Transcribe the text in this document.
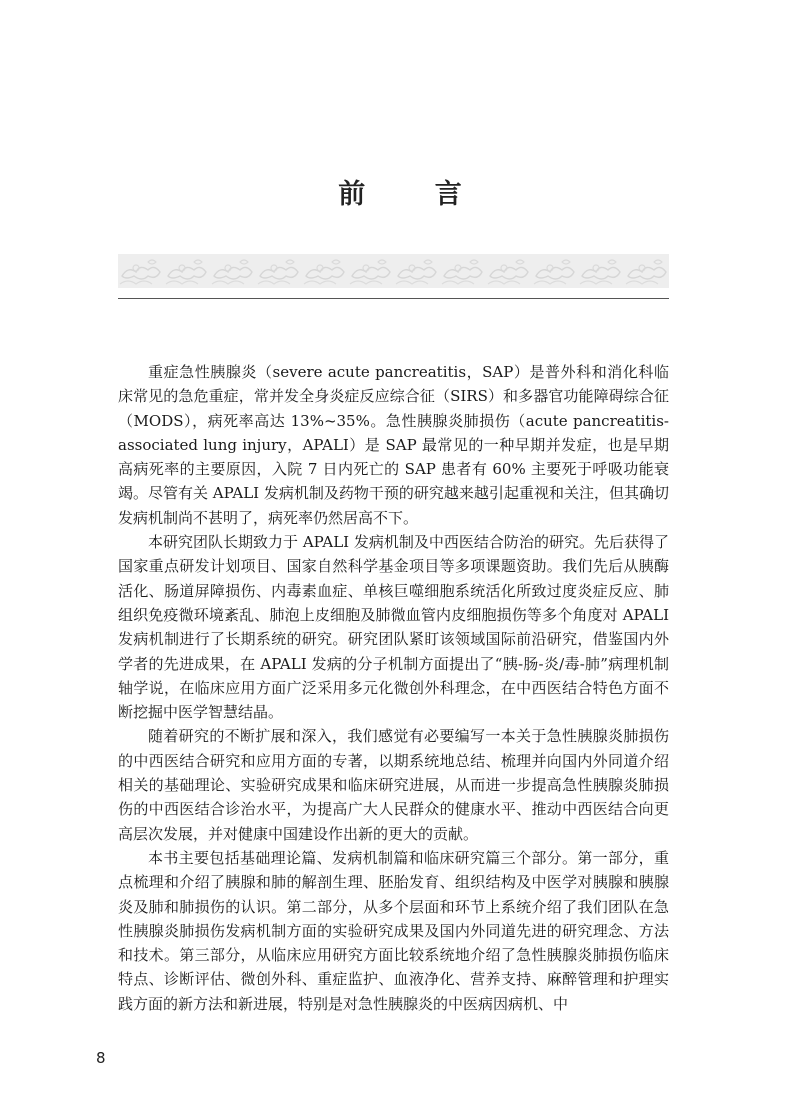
前 言

重症急性胰腺炎（severe acute pancreatitis，SAP）是普外科和消化科临床常见的急危重症，常并发全身炎症反应综合征（SIRS）和多器官功能障碍综合征（MODS），病死率高达 13%~35%。急性胰腺炎肺损伤（acute pancreatitis-associated lung injury，APALI）是 SAP 最常见的一种早期并发症，也是早期高病死率的主要原因，入院 7 日内死亡的 SAP 患者有 60% 主要死于呼吸功能衰竭。尽管有关 APALI 发病机制及药物干预的研究越来越引起重视和关注，但其确切发病机制尚不甚明了，病死率仍然居高不下。

本研究团队长期致力于 APALI 发病机制及中西医结合防治的研究。先后获得了国家重点研发计划项目、国家自然科学基金项目等多项课题资助。我们先后从胰酶活化、肠道屏障损伤、内毒素血症、单核巨噬细胞系统活化所致过度炎症反应、肺组织免疫微环境紊乱、肺泡上皮细胞及肺微血管内皮细胞损伤等多个角度对 APALI 发病机制进行了长期系统的研究。研究团队紧盯该领域国际前沿研究，借鉴国内外学者的先进成果，在 APALI 发病的分子机制方面提出了“胰-肠-炎/毒-肺”病理机制轴学说，在临床应用方面广泛采用多元化微创外科理念，在中西医结合特色方面不断挖掘中医学智慧结晶。

随着研究的不断扩展和深入，我们感觉有必要编写一本关于急性胰腺炎肺损伤的中西医结合研究和应用方面的专著，以期系统地总结、梳理并向国内外同道介绍相关的基础理论、实验研究成果和临床研究进展，从而进一步提高急性胰腺炎肺损伤的中西医结合诊治水平，为提高广大人民群众的健康水平、推动中西医结合向更高层次发展，并对健康中国建设作出新的更大的贡献。

本书主要包括基础理论篇、发病机制篇和临床研究篇三个部分。第一部分，重点梳理和介绍了胰腺和肺的解剖生理、胚胎发育、组织结构及中医学对胰腺和胰腺炎及肺和肺损伤的认识。第二部分，从多个层面和环节上系统介绍了我们团队在急性胰腺炎肺损伤发病机制方面的实验研究成果及国内外同道先进的研究理念、方法和技术。第三部分，从临床应用研究方面比较系统地介绍了急性胰腺炎肺损伤临床特点、诊断评估、微创外科、重症监护、血液净化、营养支持、麻醉管理和护理实践方面的新方法和新进展，特别是对急性胰腺炎的中医病因病机、中

8
